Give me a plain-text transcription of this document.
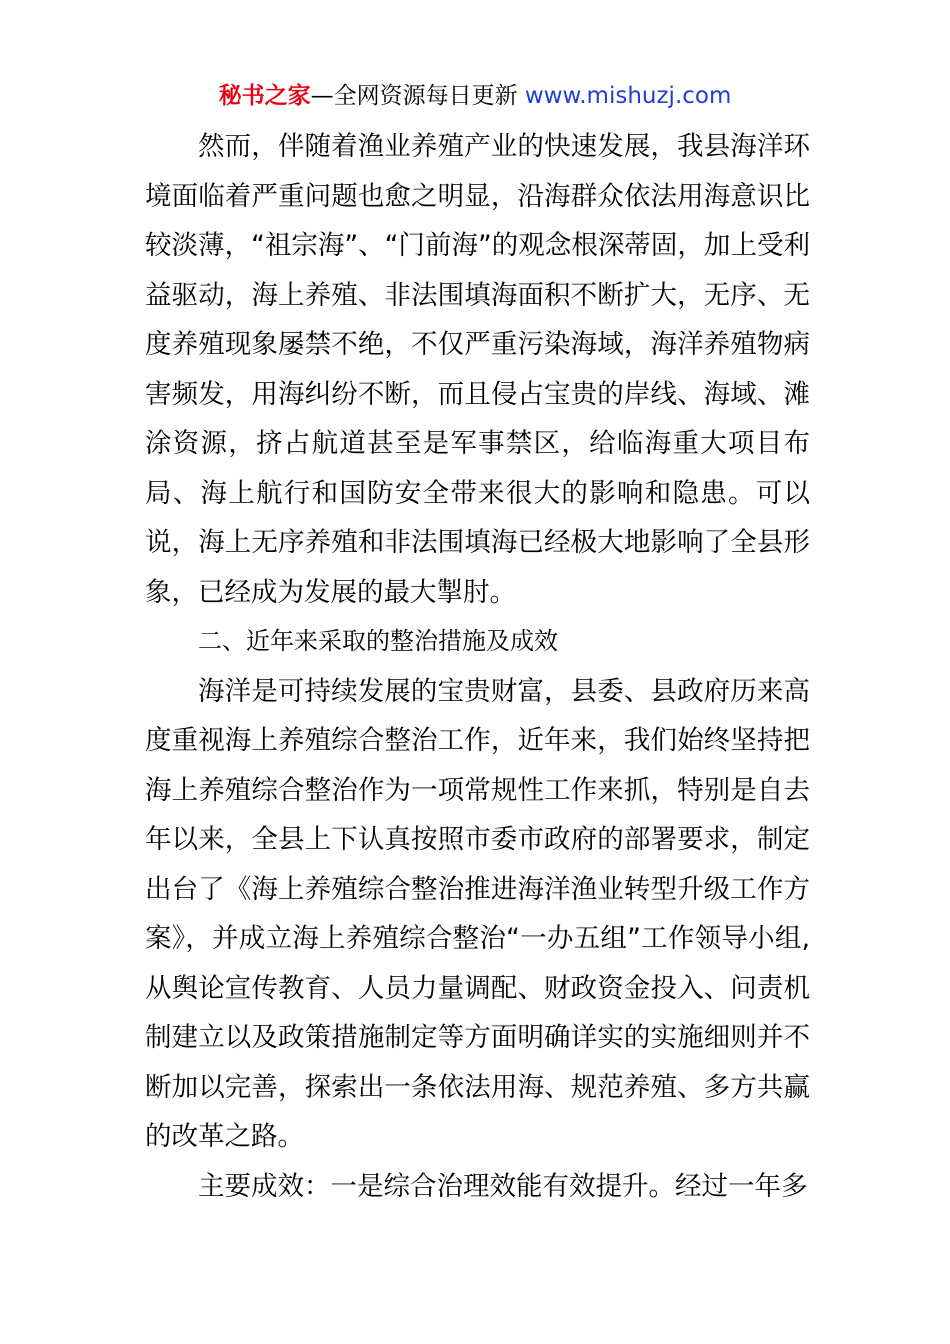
秘书之家—全网资源每日更新 www.mishuzj.com

然而，伴随着渔业养殖产业的快速发展，我县海洋环境面临着严重问题也愈之明显，沿海群众依法用海意识比较淡薄，“祖宗海”、“门前海”的观念根深蒂固，加上受利益驱动，海上养殖、非法围填海面积不断扩大，无序、无度养殖现象屡禁不绝，不仅严重污染海域，海洋养殖物病害频发，用海纠纷不断，而且侵占宝贵的岸线、海域、滩涂资源，挤占航道甚至是军事禁区，给临海重大项目布局、海上航行和国防安全带来很大的影响和隐患。可以说，海上无序养殖和非法围填海已经极大地影响了全县形象，已经成为发展的最大掣肘。

二、近年来采取的整治措施及成效

海洋是可持续发展的宝贵财富，县委、县政府历来高度重视海上养殖综合整治工作，近年来，我们始终坚持把海上养殖综合整治作为一项常规性工作来抓，特别是自去年以来，全县上下认真按照市委市政府的部署要求，制定出台了《海上养殖综合整治推进海洋渔业转型升级工作方案》，并成立海上养殖综合整治“一办五组”工作领导小组,从舆论宣传教育、人员力量调配、财政资金投入、问责机制建立以及政策措施制定等方面明确详实的实施细则并不断加以完善，探索出一条依法用海、规范养殖、多方共赢的改革之路。

主要成效：一是综合治理效能有效提升。经过一年多
